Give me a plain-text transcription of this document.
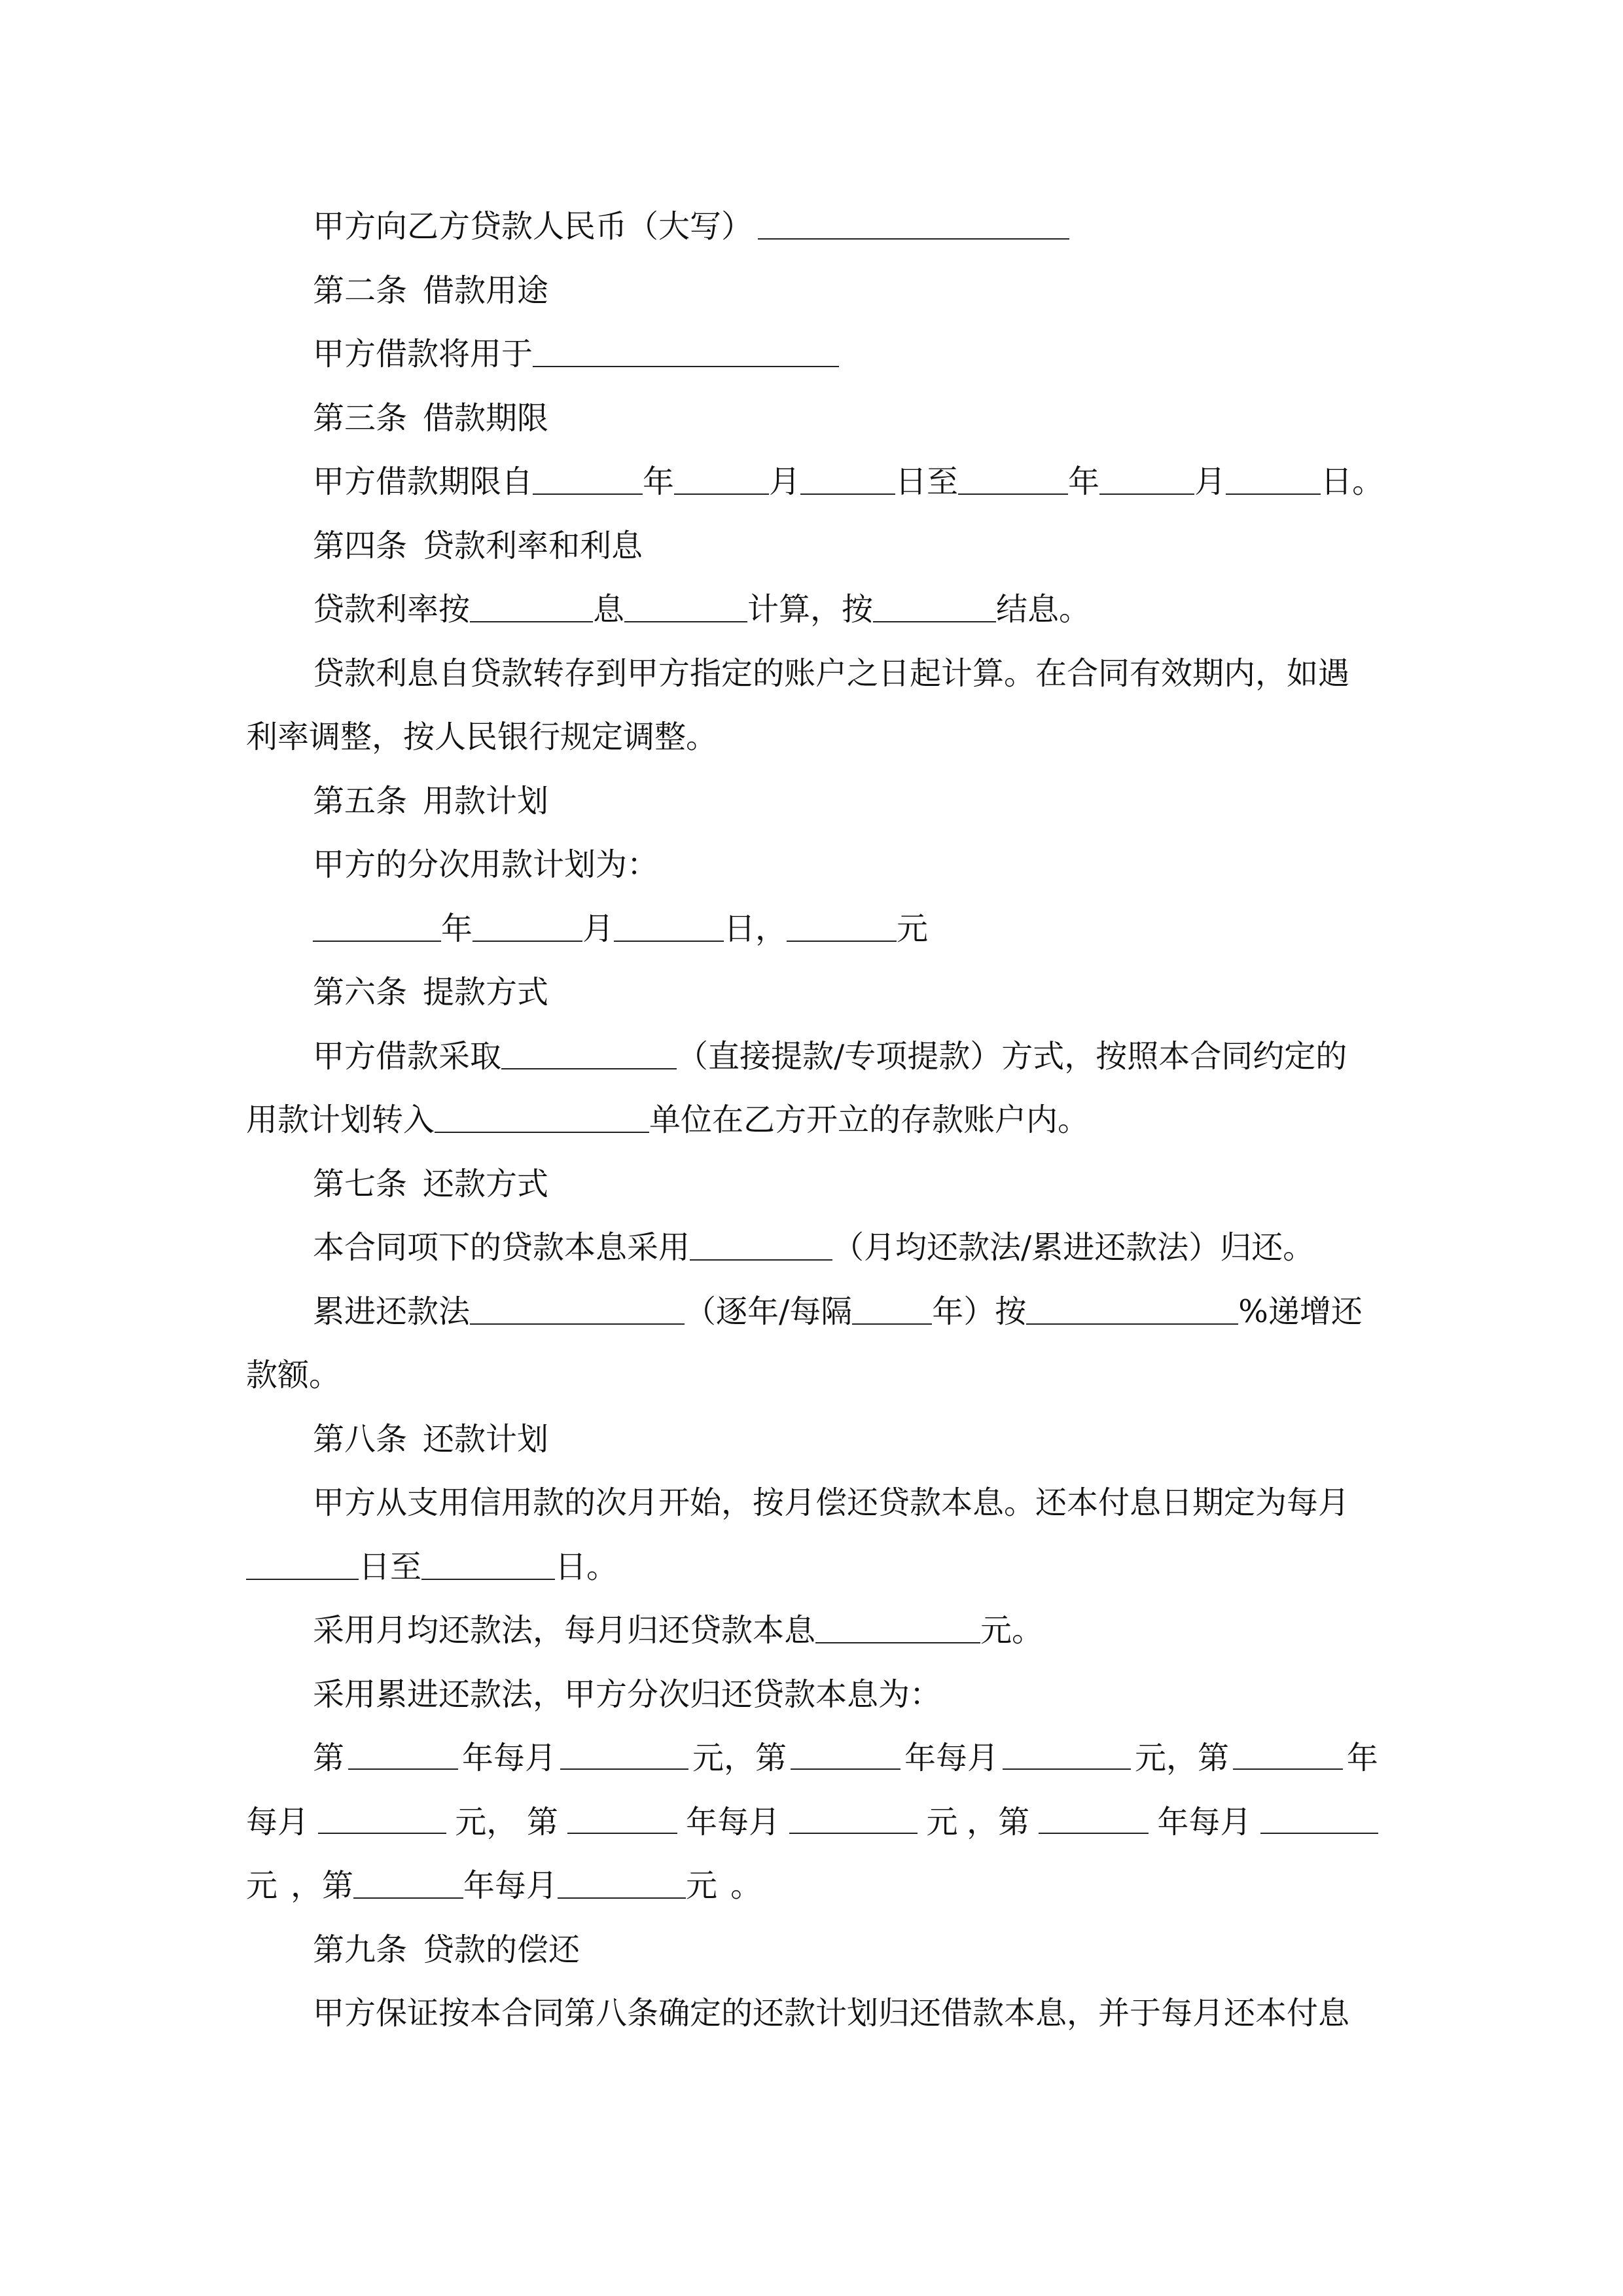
甲方向乙方贷款人民币（大写）
第二条 借款用途
甲方借款将用于
第三条 借款期限
甲方借款期限自	年	月	日至	年	月	日。
第四条 贷款利率和利息
贷款利率按	息	计算，按	结息。
贷款利息自贷款转存到甲方指定的账户之日起计算。在合同有效期内，如遇
利率调整，按人民银行规定调整。
第五条 用款计划
甲方的分次用款计划为：
年	月	日，	元
第六条 提款方式
甲方借款采取	（直接提款/专项提款）方式，按照本合同约定的
用款计划转入	单位在乙方开立的存款账户内。
第七条 还款方式
本合同项下的贷款本息采用	（月均还款法/累进还款法）归还。
累进还款法	（逐年/每隔	年）按	%递增还
款额。
第八条 还款计划
甲方从支用信用款的次月开始，按月偿还贷款本息。还本付息日期定为每月
日至	日。
采用月均还款法，每月归还贷款本息	元。
采用累进还款法，甲方分次归还贷款本息为：
第	年每月	元，第	年每月	元，第	年
每月	元， 第	年每月	元 ，第	年每月
元 ，第	年每月	元 。
第九条 贷款的偿还
甲方保证按本合同第八条确定的还款计划归还借款本息，并于每月还本付息
